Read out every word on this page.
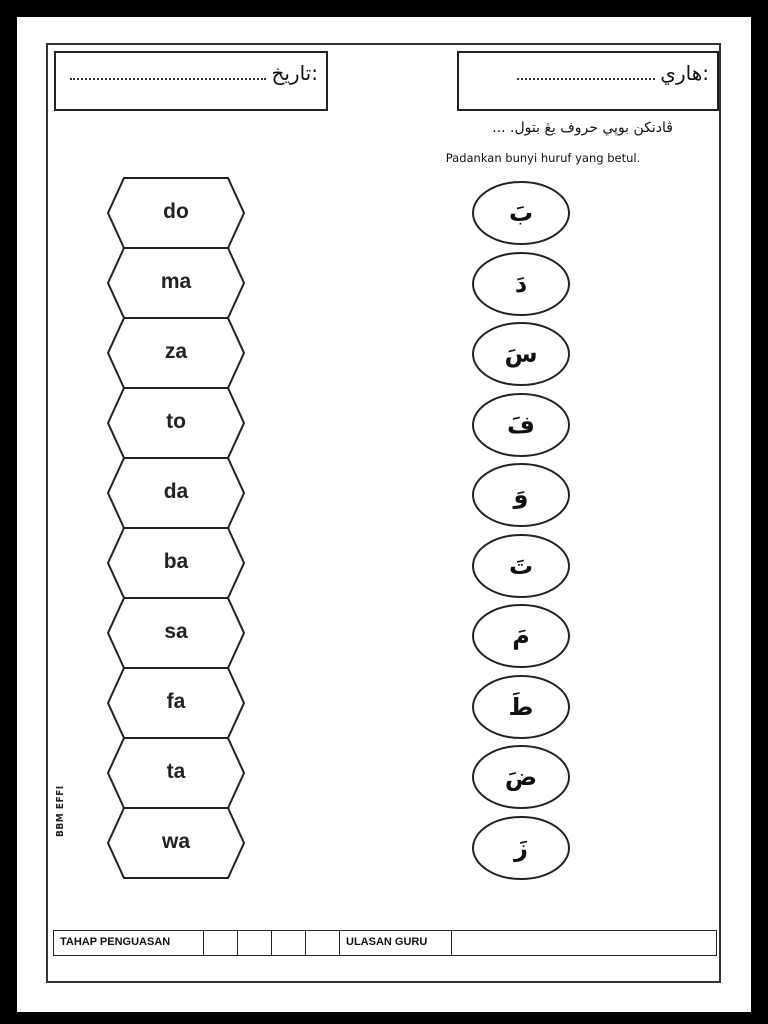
تاريخ:	هاري:
ڤادنكن بوڽي حروف يڠ بتول. ...
Padankan bunyi huruf yang betul.
do
ma
za
to
da
ba
sa
fa
ta
wa
بَ
دَ
سَ
فَ
وَ
تَ
مَ
طَ
ضَ
زَ
BBM EFFI
TAHAP PENGUASAN	ULASAN GURU
